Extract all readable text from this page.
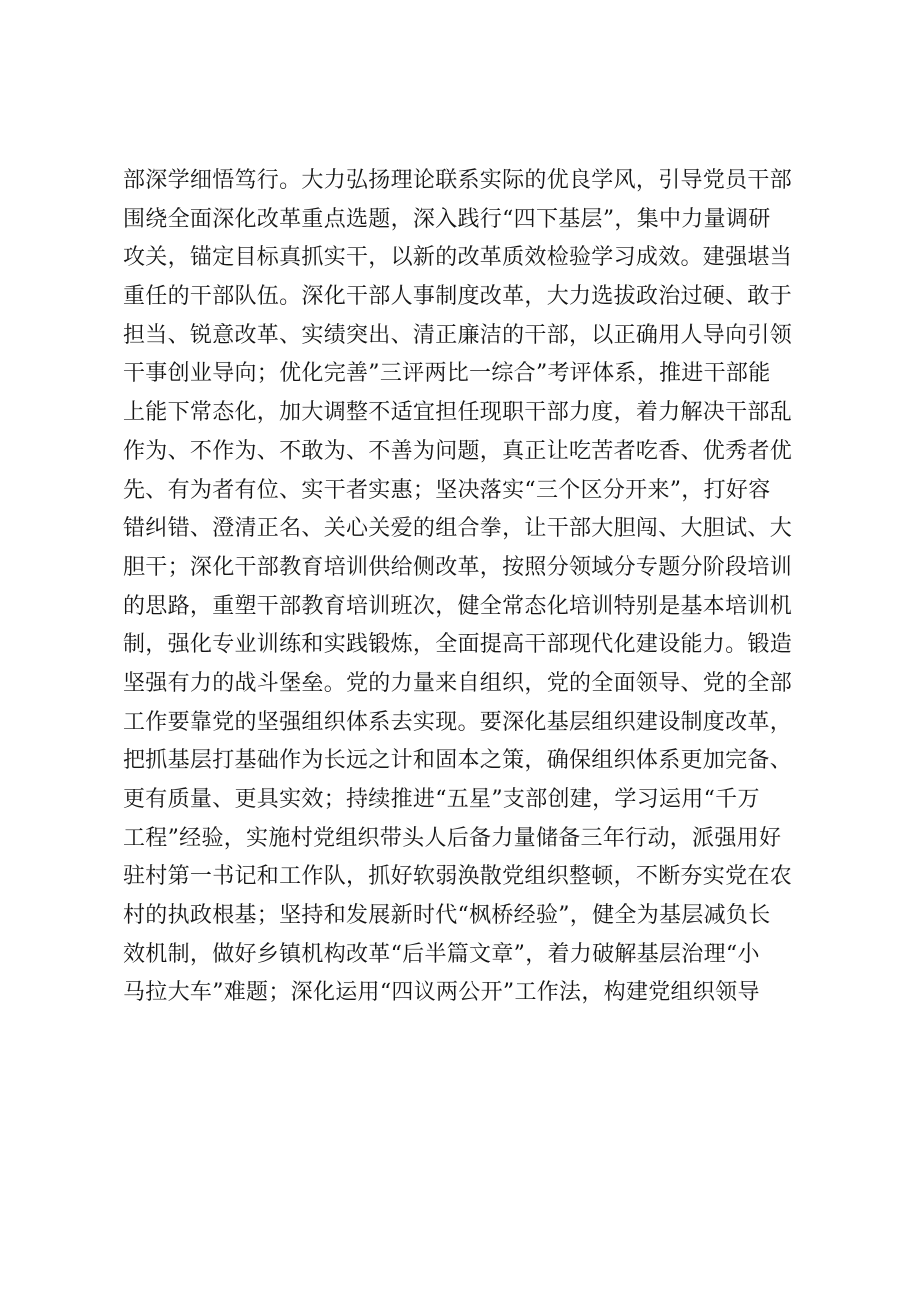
部深学细悟笃行。大力弘扬理论联系实际的优良学风，引导党员干部
围绕全面深化改革重点选题，深入践行“四下基层”，集中力量调研
攻关，锚定目标真抓实干，以新的改革质效检验学习成效。建强堪当
重任的干部队伍。深化干部人事制度改革，大力选拔政治过硬、敢于
担当、锐意改革、实绩突出、清正廉洁的干部，以正确用人导向引领
干事创业导向；优化完善”三评两比一综合”考评体系，推进干部能
上能下常态化，加大调整不适宜担任现职干部力度，着力解决干部乱
作为、不作为、不敢为、不善为问题，真正让吃苦者吃香、优秀者优
先、有为者有位、实干者实惠；坚决落实“三个区分开来”，打好容
错纠错、澄清正名、关心关爱的组合拳，让干部大胆闯、大胆试、大
胆干；深化干部教育培训供给侧改革，按照分领域分专题分阶段培训
的思路，重塑干部教育培训班次，健全常态化培训特别是基本培训机
制，强化专业训练和实践锻炼，全面提高干部现代化建设能力。锻造
坚强有力的战斗堡垒。党的力量来自组织，党的全面领导、党的全部
工作要靠党的坚强组织体系去实现。要深化基层组织建设制度改革，
把抓基层打基础作为长远之计和固本之策，确保组织体系更加完备、
更有质量、更具实效；持续推进“五星”支部创建，学习运用“千万
工程”经验，实施村党组织带头人后备力量储备三年行动，派强用好
驻村第一书记和工作队，抓好软弱涣散党组织整顿，不断夯实党在农
村的执政根基；坚持和发展新时代“枫桥经验”，健全为基层减负长
效机制，做好乡镇机构改革“后半篇文章”，着力破解基层治理“小
马拉大车”难题；深化运用“四议两公开”工作法，构建党组织领导
